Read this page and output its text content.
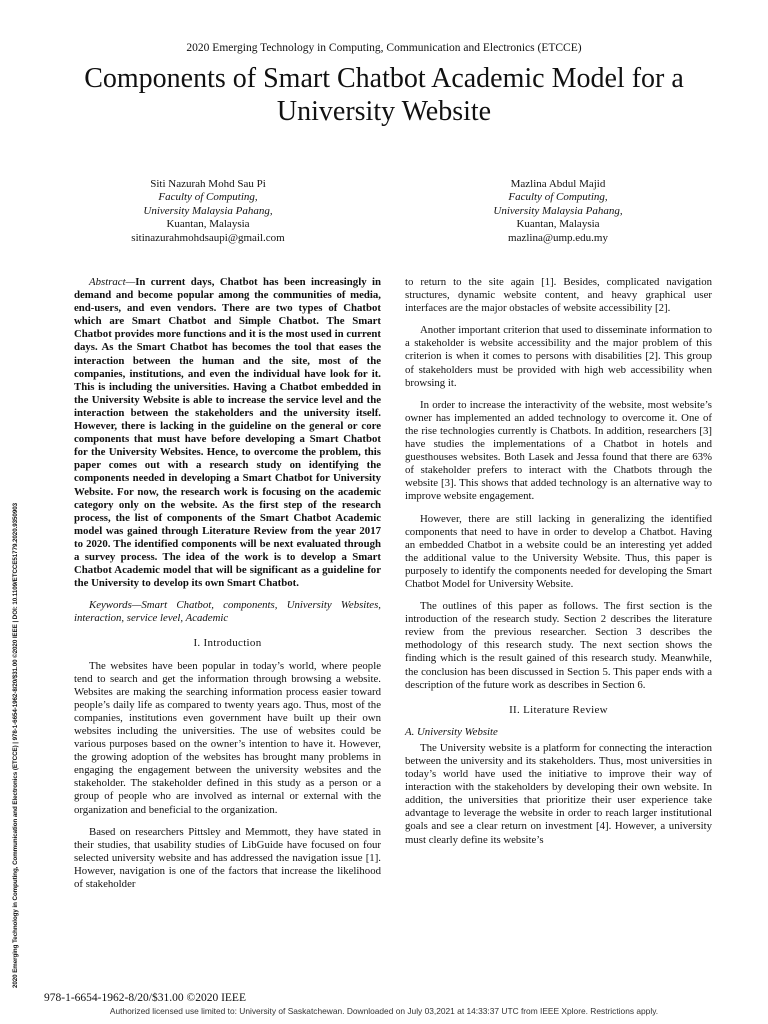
2020 Emerging Technology in Computing, Communication and Electronics (ETCCE)
Components of Smart Chatbot Academic Model for a University Website
Siti Nazurah Mohd Sau Pi
Faculty of Computing,
University Malaysia Pahang,
Kuantan, Malaysia
sitinazurahmohdsaupi@gmail.com
Mazlina Abdul Majid
Faculty of Computing,
University Malaysia Pahang,
Kuantan, Malaysia
mazlina@ump.edu.my
2020 Emerging Technology in Computing, Communication and Electronics (ETCCE) | 978-1-6654-1962-8/20/$31.00 ©2020 IEEE | DOI: 10.1109/ETCCE51779.2020.9350903

Abstract—In current days, Chatbot has been increasingly in demand and become popular among the communities of media, end-users, and even vendors. There are two types of Chatbot which are Smart Chatbot and Simple Chatbot. The Smart Chatbot provides more functions and it is the most used in current days. As the Smart Chatbot has becomes the tool that eases the interaction between the human and the site, most of the companies, institutions, and even the individual have look for it. This is including the universities. Having a Chatbot embedded in the University Website is able to increase the service level and the interaction between the stakeholders and the university itself. However, there is lacking in the guideline on the general or core components that must have before developing a Smart Chatbot for the University Websites. Hence, to overcome the problem, this paper comes out with a research study on identifying the components needed in developing a Smart Chatbot for University Website. For now, the research work is focusing on the academic category only on the website. As the first step of the research process, the list of components of the Smart Chatbot Academic model was gained through Literature Review from the year 2017 to 2020. The identified components will be next evaluated through a survey process. The idea of the work is to develop a Smart Chatbot Academic model that will be significant as a guideline for the University to develop its own Smart Chatbot.

Keywords—Smart Chatbot, components, University Websites, interaction, service level, Academic

I. Introduction

The websites have been popular in today’s world, where people tend to search and get the information through browsing a website. Websites are making the searching information process easier toward people’s daily life as compared to twenty years ago. Thus, most of the companies, institutions even government have built up their own websites including the universities. The use of websites could be various purposes based on the owner’s intention to have it. However, the growing adoption of the websites has brought many problems in engaging the engagement between the university websites and the stakeholder. The stakeholder defined in this study as a person or a group of people who are involved as internal or external with the organization and beneficial to the organization.

Based on researchers Pittsley and Memmott, they have stated in their studies, that usability studies of LibGuide have focused on four selected university website and has addressed the navigation issue [1]. However, navigation is one of the factors that increase the likelihood of stakeholder

to return to the site again [1]. Besides, complicated navigation structures, dynamic website content, and heavy graphical user interfaces are the major obstacles of website accessibility [2].

Another important criterion that used to disseminate information to a stakeholder is website accessibility and the major problem of this criterion is when it comes to persons with disabilities [2]. This group of stakeholders must be provided with high web accessibility when browsing it.

In order to increase the interactivity of the website, most website’s owner has implemented an added technology to overcome it. One of the rise technologies currently is Chatbots. In addition, researchers [3] have studies the implementations of a Chatbot in hotels and guesthouses websites. Both Lasek and Jessa found that there are 63% of stakeholder prefers to interact with the Chatbots through the website [3]. This shows that added technology is an alternative way to improve website engagement.

However, there are still lacking in generalizing the identified components that need to have in order to develop a Chatbot. Having an embedded Chatbot in a website could be an interesting yet added the additional value to the University Website. Thus, this paper is purposely to identify the components needed for developing the Smart Chatbot Model for University Website.

The outlines of this paper as follows. The first section is the introduction of the research study. Section 2 describes the literature review from the previous researcher. Section 3 describes the methodology of this research study. The next section shows the finding which is the result gained of this research study. Meanwhile, the conclusion has been discussed in Section 5. This paper ends with a description of the future work as describes in Section 6.

II. Literature Review
A. University Website

The University website is a platform for connecting the interaction between the university and its stakeholders. Thus, most universities in today’s world have used the initiative to improve their way of interaction with the stakeholders by developing their own website. In addition, the universities that prioritize their user experience take advantage to leverage the website in order to reach larger institutional goals and see a clear return on investment [4]. However, a university must clearly define its website’s

978-1-6654-1962-8/20/$31.00 ©2020 IEEE
Authorized licensed use limited to: University of Saskatchewan. Downloaded on July 03,2021 at 14:33:37 UTC from IEEE Xplore. Restrictions apply.
